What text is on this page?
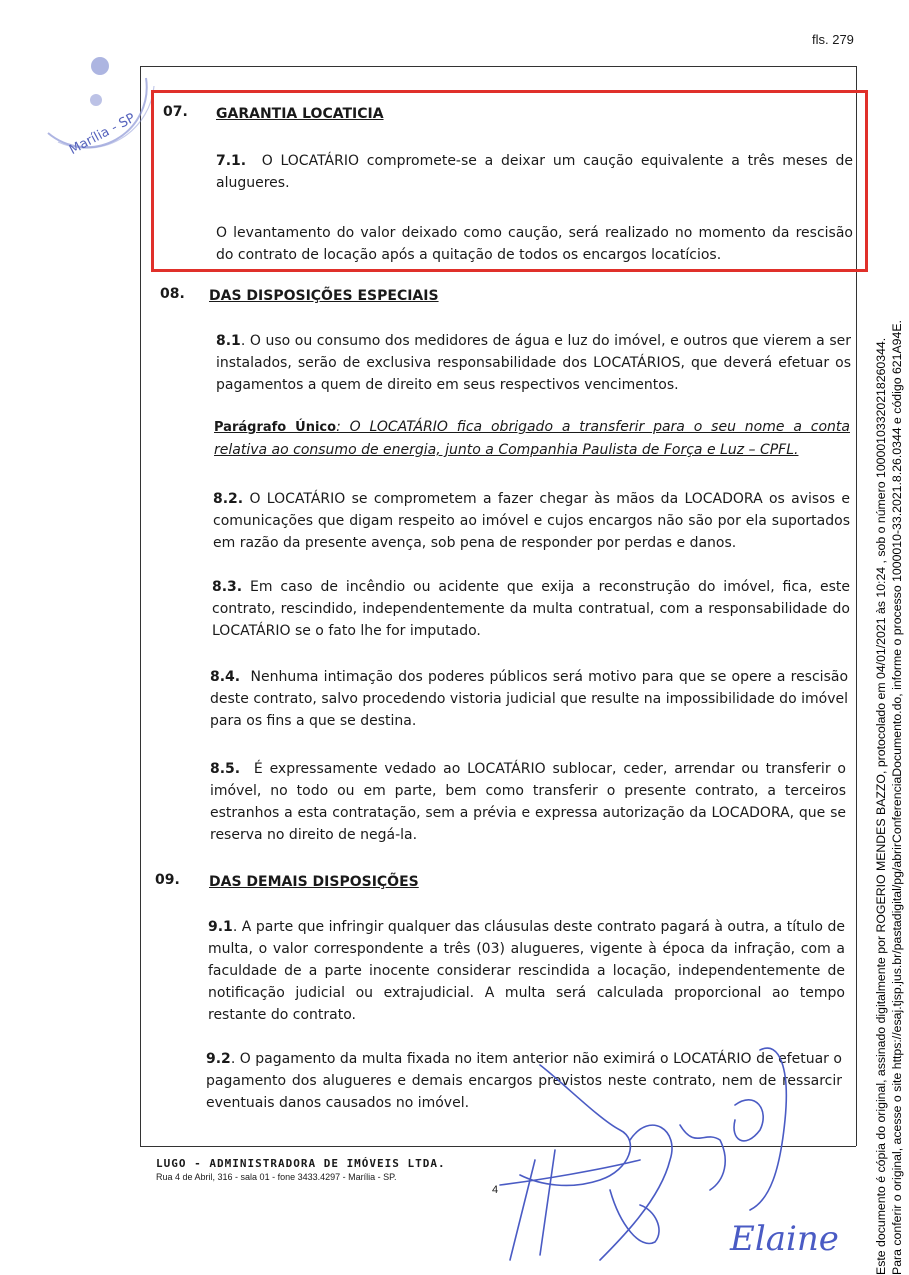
fls. 279
Marília - SP 07. GARANTIA LOCATICIA
7.1. O LOCATÁRIO compromete-se a deixar um caução equivalente a três meses de alugueres.
O levantamento do valor deixado como caução, será realizado no momento da rescisão do contrato de locação após a quitação de todos os encargos locatícios.
08. DAS DISPOSIÇÕES ESPECIAIS
8.1. O uso ou consumo dos medidores de água e luz do imóvel, e outros que vierem a ser instalados, serão de exclusiva responsabilidade dos LOCATÁRIOS, que deverá efetuar os pagamentos a quem de direito em seus respectivos vencimentos.
Parágrafo Único: O LOCATÁRIO fica obrigado a transferir para o seu nome a conta relativa ao consumo de energia, junto a Companhia Paulista de Força e Luz – CPFL.
8.2. O LOCATÁRIO se comprometem a fazer chegar às mãos da LOCADORA os avisos e comunicações que digam respeito ao imóvel e cujos encargos não são por ela suportados em razão da presente avença, sob pena de responder por perdas e danos.
8.3. Em caso de incêndio ou acidente que exija a reconstrução do imóvel, fica, este contrato, rescindido, independentemente da multa contratual, com a responsabilidade do LOCATÁRIO se o fato lhe for imputado.
8.4. Nenhuma intimação dos poderes públicos será motivo para que se opere a rescisão deste contrato, salvo procedendo vistoria judicial que resulte na impossibilidade do imóvel para os fins a que se destina.
8.5. É expressamente vedado ao LOCATÁRIO sublocar, ceder, arrendar ou transferir o imóvel, no todo ou em parte, bem como transferir o presente contrato, a terceiros estranhos a esta contratação, sem a prévia e expressa autorização da LOCADORA, que se reserva no direito de negá-la.
09. DAS DEMAIS DISPOSIÇÕES
9.1. A parte que infringir qualquer das cláusulas deste contrato pagará à outra, a título de multa, o valor correspondente a três (03) alugueres, vigente à época da infração, com a faculdade de a parte inocente considerar rescindida a locação, independentemente de notificação judicial ou extrajudicial. A multa será calculada proporcional ao tempo restante do contrato.
9.2. O pagamento da multa fixada no item anterior não eximirá o LOCATÁRIO de efetuar o pagamento dos alugueres e demais encargos previstos neste contrato, nem de ressarcir eventuais danos causados no imóvel.
LUGO - ADMINISTRADORA DE IMÓVEIS LTDA.
Rua 4 de Abril, 316 - sala 01 - fone 3433.4297 - Marília - SP.
4
Elaine	Este documento é cópia do original, assinado digitalmente por ROGERIO MENDES BAZZO, protocolado em 04/01/2021 às 10:24 , sob o número 10000103320218260344. Para conferir o original, acesse o site https://esaj.tjsp.jus.br/pastadigital/pg/abrirConferenciaDocumento.do, informe o processo 1000010-33.2021.8.26.0344 e código 621A94E.
